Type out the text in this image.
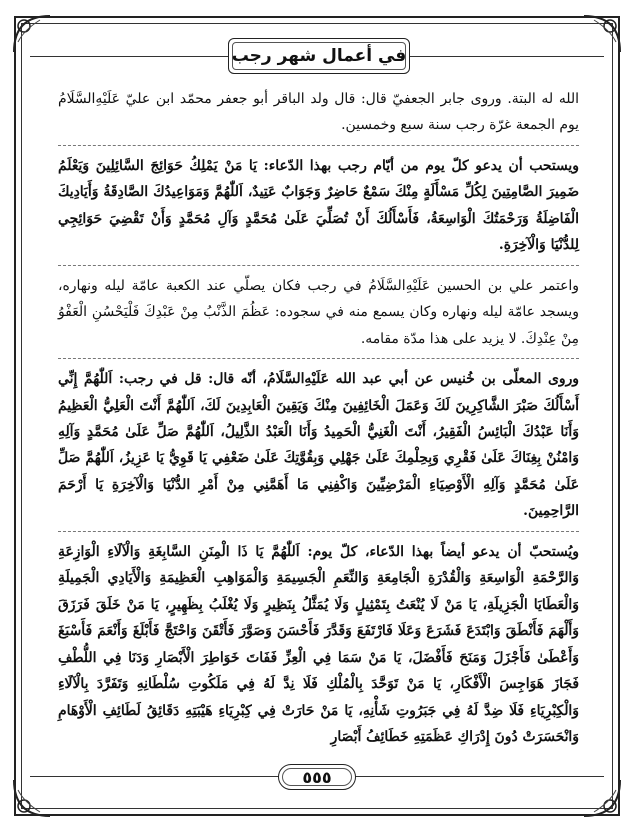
في أعمال شهر رجب

الله له البتة. وروى جابر الجعفيّ قال: قال ولد الباقر أبو جعفر محمّد ابن عليّ عَلَيْهِ‌السَّلَامُ يوم الجمعة غرّة رجب سنة سبع وخمسين.

ويستحب أن يدعو كلّ يوم من أيّام رجب بهذا الدّعاء: يَا مَنْ يَمْلِكُ حَوَائِجَ السَّائِلِينَ وَيَعْلَمُ ضَمِيرَ الصَّامِتِينَ لِكُلِّ مَسْأَلَةٍ مِنْكَ سَمْعٌ حَاضِرٌ وَجَوَابٌ عَتِيدٌ، اَللّٰهُمَّ وَمَوَاعِيدُكَ الصَّادِقَةُ وَأَيَادِيكَ الْفَاضِلَةُ وَرَحْمَتُكَ الْوَاسِعَةُ، فَأَسْأَلُكَ أَنْ تُصَلِّيَ عَلَىٰ مُحَمَّدٍ وَآلِ مُحَمَّدٍ وَأَنْ تَقْضِيَ حَوَائِجِي لِلدُّنْيَا وَالْآخِرَةِ.

واعتمر علي بن الحسين عَلَيْهِ‌السَّلَامُ في رجب فكان يصلّي عند الكعبة عامّة ليله ونهاره، ويسجد عامّة ليله ونهاره وكان يسمع منه في سجوده: عَظُمَ الذَّنْبُ مِنْ عَبْدِكَ فَلْيَحْسُنِ الْعَفْوُ مِنْ عِنْدِكَ. لا يزيد على هذا مدّة مقامه.

وروى المعلّى بن خُنيس عن أبي عبد الله عَلَيْهِ‌السَّلَامُ، أنّه قال: قل في رجب: اَللّٰهُمَّ إِنِّي أَسْأَلُكَ صَبْرَ الشَّاكِرِينَ لَكَ وَعَمَلَ الْخَائِفِينَ مِنْكَ وَيَقِينَ الْعَابِدِينَ لَكَ، اَللّٰهُمَّ أَنْتَ الْعَلِيُّ الْعَظِيمُ وَأَنَا عَبْدُكَ الْبَائِسُ الْفَقِيرُ، أَنْتَ الْغَنِيُّ الْحَمِيدُ وَأَنَا الْعَبْدُ الذَّلِيلُ، اَللّٰهُمَّ صَلِّ عَلَىٰ مُحَمَّدٍ وَآلِهِ وَامْنُنْ بِغِنَاكَ عَلَىٰ فَقْرِي وَبِحِلْمِكَ عَلَىٰ جَهْلِي وَبِقُوَّتِكَ عَلَىٰ ضَعْفِي يَا قَوِيُّ يَا عَزِيزُ، اَللّٰهُمَّ صَلِّ عَلَىٰ مُحَمَّدٍ وَآلِهِ الْأَوْصِيَاءِ الْمَرْضِيِّينَ وَاكْفِنِي مَا أَهَمَّنِي مِنْ أَمْرِ الدُّنْيَا وَالْآخِرَةِ يَا أَرْحَمَ الرَّاحِمِينَ.

ويُستحبّ أن يدعو أيضاً بهذا الدّعاء، كلّ يوم: اَللّٰهُمَّ يَا ذَا الْمِنَنِ السَّابِغَةِ وَالْآلَاءِ الْوَازِعَةِ وَالرَّحْمَةِ الْوَاسِعَةِ وَالْقُدْرَةِ الْجَامِعَةِ وَالنِّعَمِ الْجَسِيمَةِ وَالْمَوَاهِبِ الْعَظِيمَةِ وَالْأَيَادِي الْجَمِيلَةِ وَالْعَطَايَا الْجَزِيلَةِ، يَا مَنْ لَا يُنْعَتُ بِتَمْثِيلٍ وَلَا يُمَثَّلُ بِنَظِيرٍ وَلَا يُغْلَبُ بِظَهِيرٍ، يَا مَنْ خَلَقَ فَرَزَقَ وَأَلْهَمَ فَأَنْطَقَ وَابْتَدَعَ فَشَرَعَ وَعَلَا فَارْتَفَعَ وَقَدَّرَ فَأَحْسَنَ وَصَوَّرَ فَأَتْقَنَ وَاحْتَجَّ فَأَبْلَغَ وَأَنْعَمَ فَأَسْبَغَ وَأَعْطَىٰ فَأَجْزَلَ وَمَنَحَ فَأَفْضَلَ، يَا مَنْ سَمَا فِي الْعِزِّ فَفَاتَ خَوَاطِرَ الْأَبْصَارِ وَدَنَا فِي اللُّطْفِ فَجَازَ هَوَاجِسَ الْأَفْكَارِ، يَا مَنْ تَوَحَّدَ بِالْمُلْكِ فَلَا نِدَّ لَهُ فِي مَلَكُوتِ سُلْطَانِهِ وَتَفَرَّدَ بِالْآلَاءِ وَالْكِبْرِيَاءِ فَلَا ضِدَّ لَهُ فِي جَبَرُوتِ شَأْنِهِ، يَا مَنْ حَارَتْ فِي كِبْرِيَاءِ هَيْبَتِهِ دَقَائِقُ لَطَائِفِ الْأَوْهَامِ وَانْحَسَرَتْ دُونَ إِدْرَاكِ عَظَمَتِهِ خَطَائِفُ أَبْصَارِ

٥٥٥
